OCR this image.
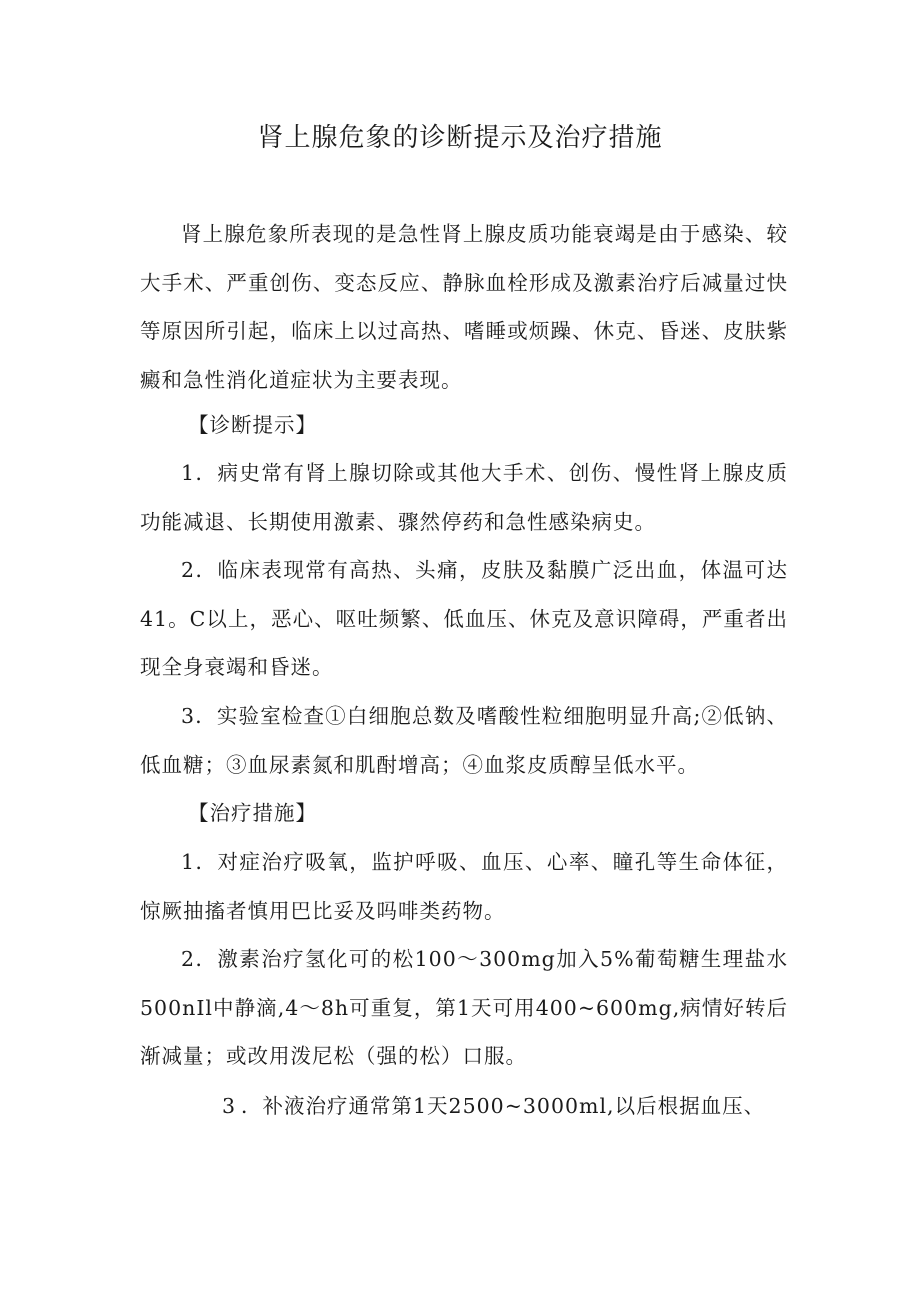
肾上腺危象的诊断提示及治疗措施
肾上腺危象所表现的是急性肾上腺皮质功能衰竭是由于感染、较大手术、严重创伤、变态反应、静脉血栓形成及激素治疗后减量过快等原因所引起，临床上以过高热、嗜睡或烦躁、休克、昏迷、皮肤紫癜和急性消化道症状为主要表现。
【诊断提示】
1．病史常有肾上腺切除或其他大手术、创伤、慢性肾上腺皮质功能减退、长期使用激素、骤然停药和急性感染病史。
2．临床表现常有高热、头痛，皮肤及黏膜广泛出血，体温可达41。C以上，恶心、呕吐频繁、低血压、休克及意识障碍，严重者出现全身衰竭和昏迷。
3．实验室检查①白细胞总数及嗜酸性粒细胞明显升高;②低钠、低血糖；③血尿素氮和肌酎增高；④血浆皮质醇呈低水平。
【治疗措施】
1．对症治疗吸氧，监护呼吸、血压、心率、瞳孔等生命体征，惊厥抽搐者慎用巴比妥及吗啡类药物。
2．激素治疗氢化可的松100～300mg加入5%葡萄糖生理盐水500nIl中静滴,4～8h可重复，第1天可用400~600mg,病情好转后渐减量；或改用泼尼松（强的松）口服。
3 ．补液治疗通常第1天2500~3000ml,以后根据血压、
